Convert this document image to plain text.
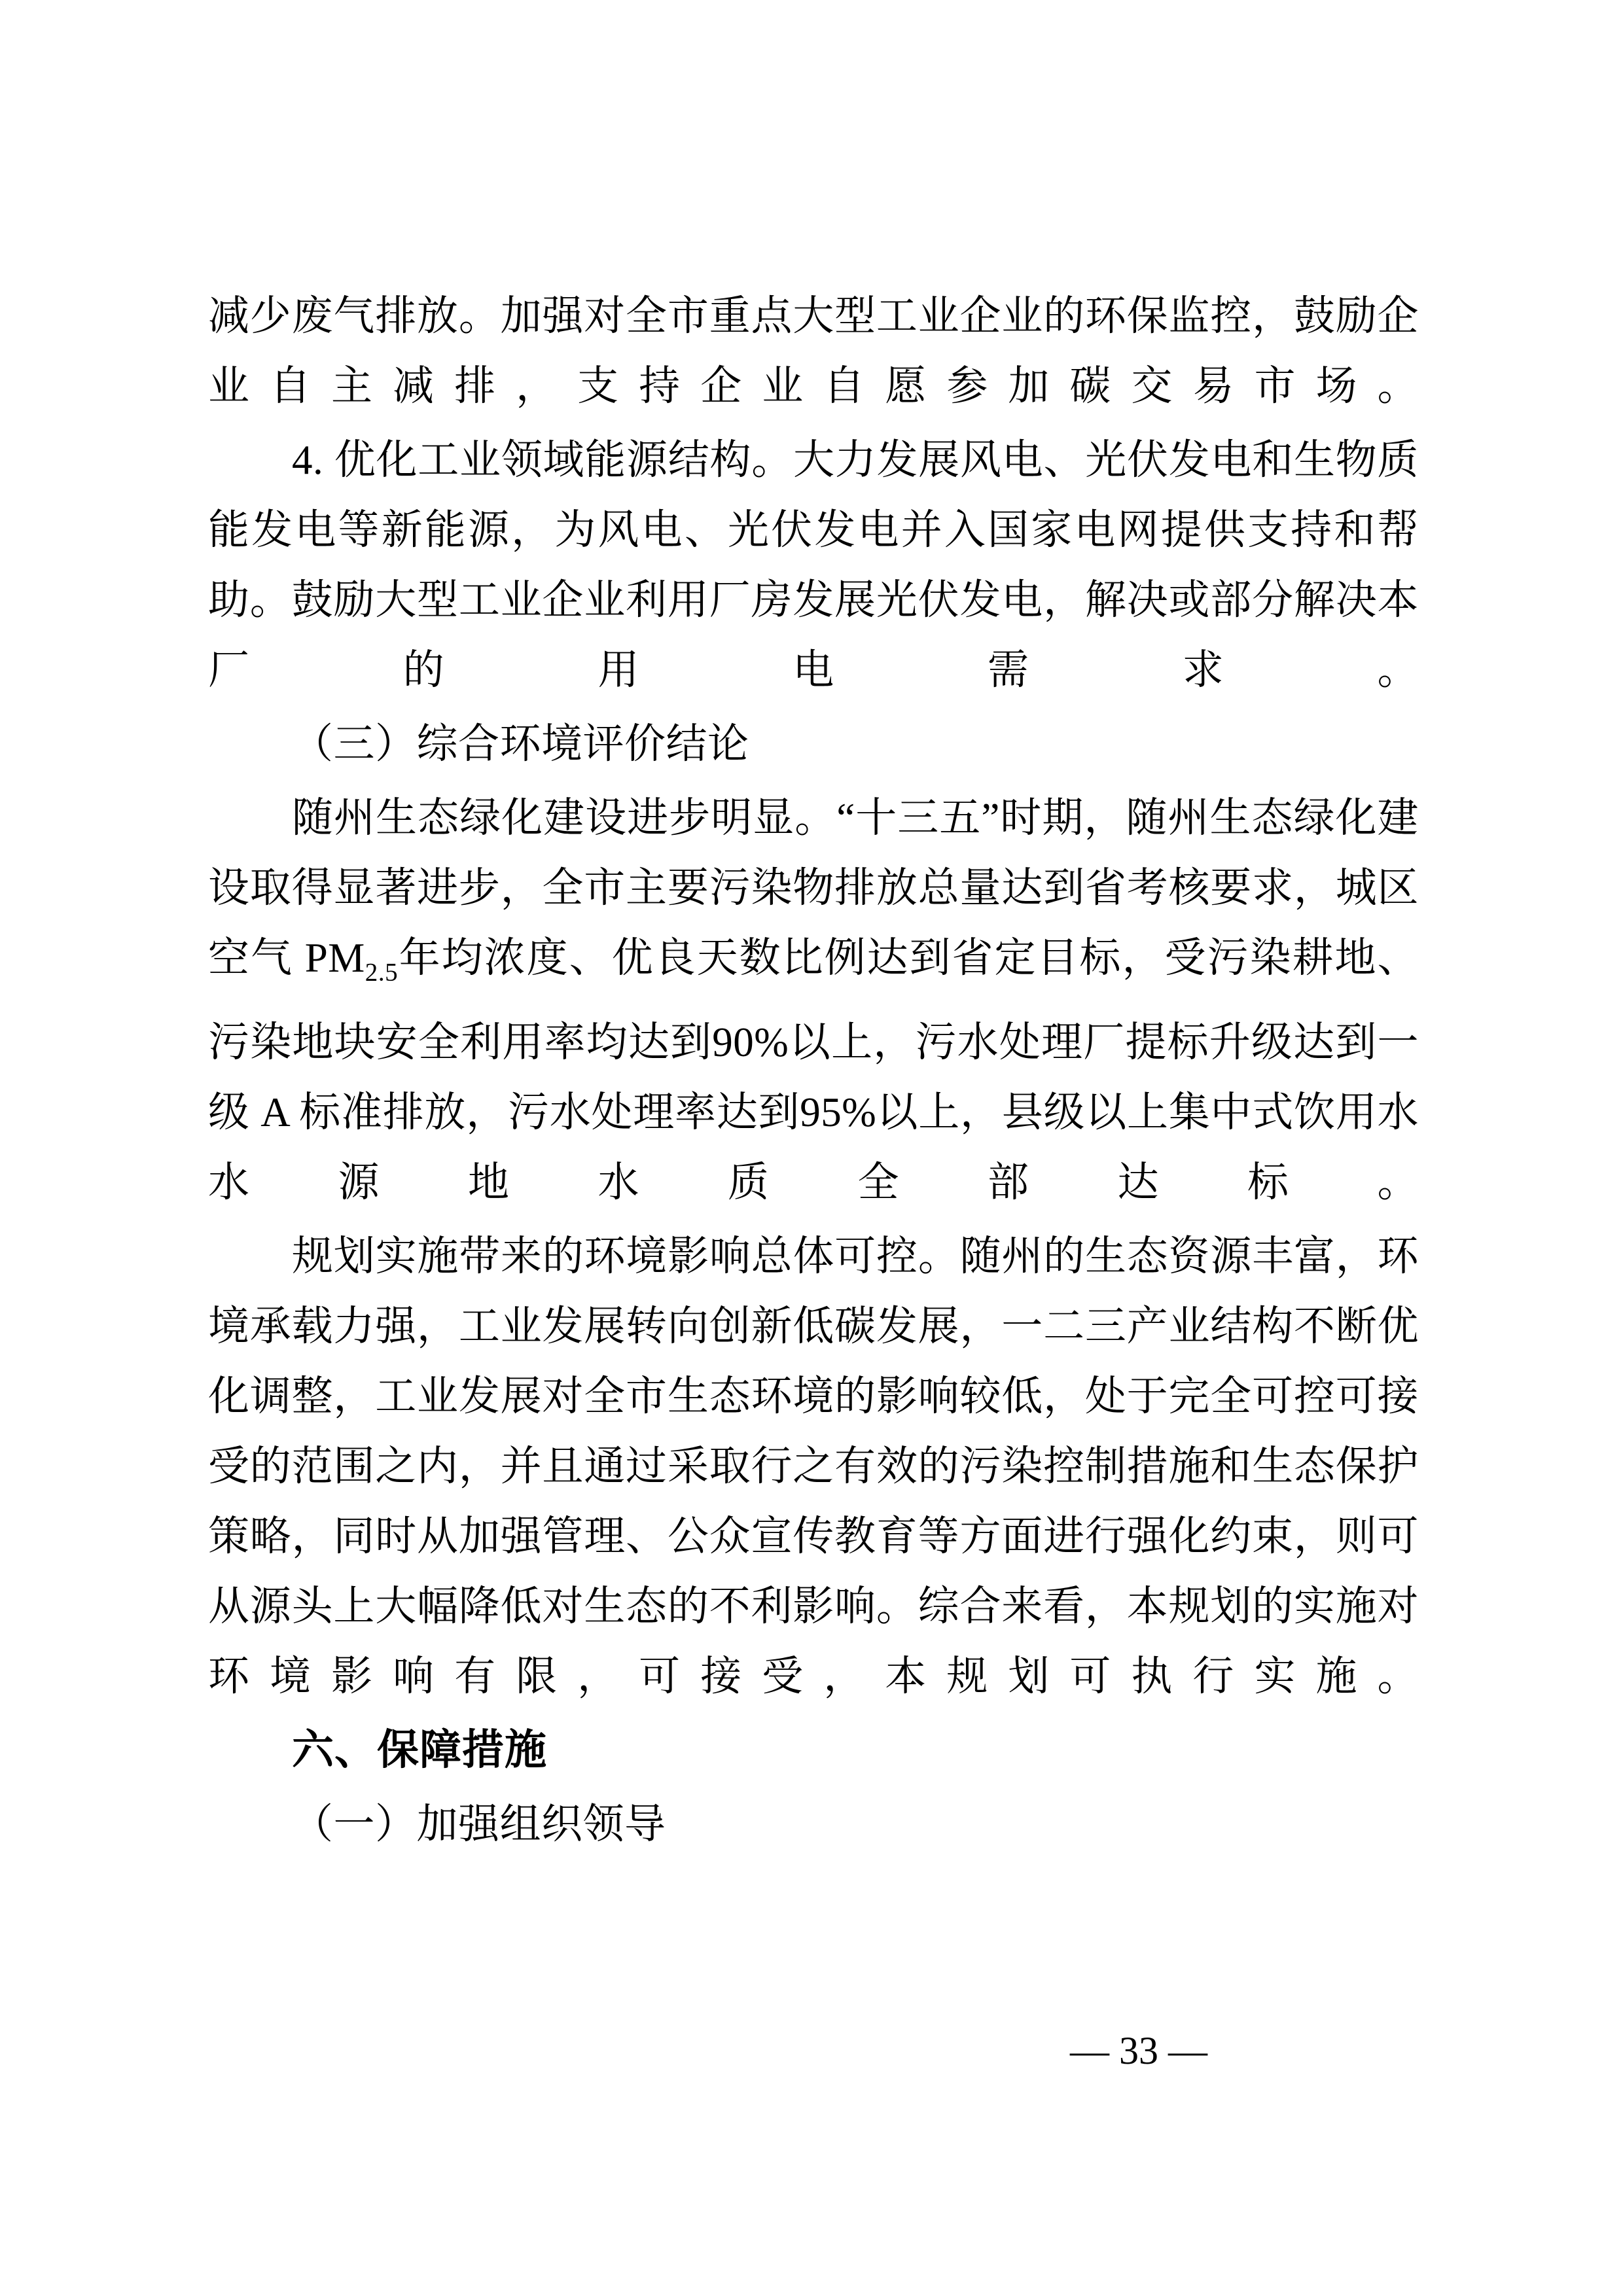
减少废气排放。加强对全市重点大型工业企业的环保监控，鼓励企业自主减排，支持企业自愿参加碳交易市场。

4. 优化工业领域能源结构。大力发展风电、光伏发电和生物质能发电等新能源，为风电、光伏发电并入国家电网提供支持和帮助。鼓励大型工业企业利用厂房发展光伏发电，解决或部分解决本厂的用电需求。

（三）综合环境评价结论

随州生态绿化建设进步明显。“十三五”时期，随州生态绿化建设取得显著进步，全市主要污染物排放总量达到省考核要求，城区空气 $PM_{2.5}$年均浓度、优良天数比例达到省定目标，受污染耕地、污染地块安全利用率均达到90%以上，污水处理厂提标升级达到一级 A 标准排放，污水处理率达到95%以上，县级以上集中式饮用水水源地水质全部达标。

规划实施带来的环境影响总体可控。随州的生态资源丰富，环境承载力强，工业发展转向创新低碳发展，一二三产业结构不断优化调整，工业发展对全市生态环境的影响较低，处于完全可控可接受的范围之内，并且通过采取行之有效的污染控制措施和生态保护策略，同时从加强管理、公众宣传教育等方面进行强化约束，则可从源头上大幅降低对生态的不利影响。综合来看，本规划的实施对环境影响有限，可接受，本规划可执行实施。

六、保障措施

（一）加强组织领导

— 33 —
